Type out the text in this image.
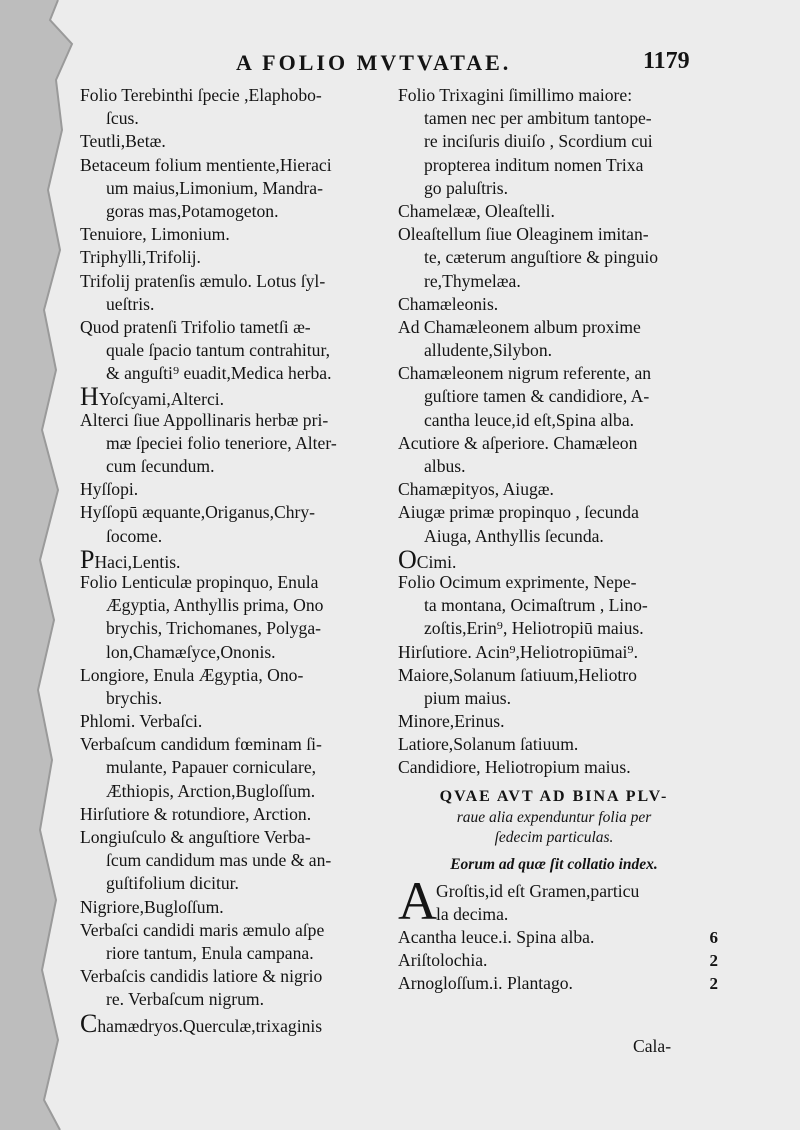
A FOLIO MVTVATAE.	1179
Folio Terebinthi ſpecie ,Elaphobo-
ſcus.
Teutli,Betæ.
Betaceum folium mentiente,Hieraci
um maius,Limonium, Mandra-
goras mas,Potamogeton.
Tenuiore, Limonium.
Triphylli,Trifolij.
Trifolij pratenſis æmulo. Lotus ſyl-
ueſtris.
Quod pratenſi Trifolio tametſi æ-
quale ſpacio tantum contrahitur,
& anguſti⁹ euadit,Medica herba.
HYoſcyami,Alterci.
Alterci ſiue Appollinaris herbæ pri-
mæ ſpeciei folio teneriore, Alter-
cum ſecundum.
Hyſſopi.
Hyſſopū æquante,Origanus,Chry-
ſocome.
PHaci,Lentis.
Folio Lenticulæ propinquo, Enula
Ægyptia, Anthyllis prima, Ono
brychis, Trichomanes, Polyga-
lon,Chamæſyce,Ononis.
Longiore, Enula Ægyptia, Ono-
brychis.
Phlomi. Verbaſci.
Verbaſcum candidum fœminam ſi-
mulante, Papauer corniculare,
Æthiopis, Arction,Bugloſſum.
Hirſutiore & rotundiore, Arction.
Longiuſculo & anguſtiore Verba-
ſcum candidum mas unde & an-
guſtifolium dicitur.
Nigriore,Bugloſſum.
Verbaſci candidi maris æmulo aſpe
riore tantum, Enula campana.
Verbaſcis candidis latiore & nigrio
re. Verbaſcum nigrum.
Chamædryos.Querculæ,trixaginis
Folio Trixagini ſimillimo maiore:
tamen nec per ambitum tantope-
re inciſuris diuiſo , Scordium cui
propterea inditum nomen Trixa
go paluſtris.
Chamelææ, Oleaſtelli.
Oleaſtellum ſiue Oleaginem imitan-
te, cæterum anguſtiore & pinguio
re,Thymelæa.
Chamæleonis.
Ad Chamæleonem album proxime
alludente,Silybon.
Chamæleonem nigrum referente, an
guſtiore tamen & candidiore, A-
cantha leuce,id eſt,Spina alba.
Acutiore & aſperiore. Chamæleon
albus.
Chamæpityos, Aiugæ.
Aiugæ primæ propinquo , ſecunda
Aiuga, Anthyllis ſecunda.
OCimi.
Folio Ocimum exprimente, Nepe-
ta montana, Ocimaſtrum , Lino-
zoſtis,Erin⁹, Heliotropiū maius.
Hirſutiore. Acin⁹,Heliotropiūmai⁹.
Maiore,Solanum ſatiuum,Heliotro
pium maius.
Minore,Erinus.
Latiore,Solanum ſatiuum.
Candidiore, Heliotropium maius.
QVAE AVT AD BINA PLV-
raue alia expenduntur folia per
ſedecim particulas.
Eorum ad quæ ſit collatio index.
A Groſtis,id eſt Gramen,particu
la decima.
Acantha leuce.i. Spina alba.	6
Ariſtolochia.	2
Arnogloſſum.i. Plantago.	2
Cala-
